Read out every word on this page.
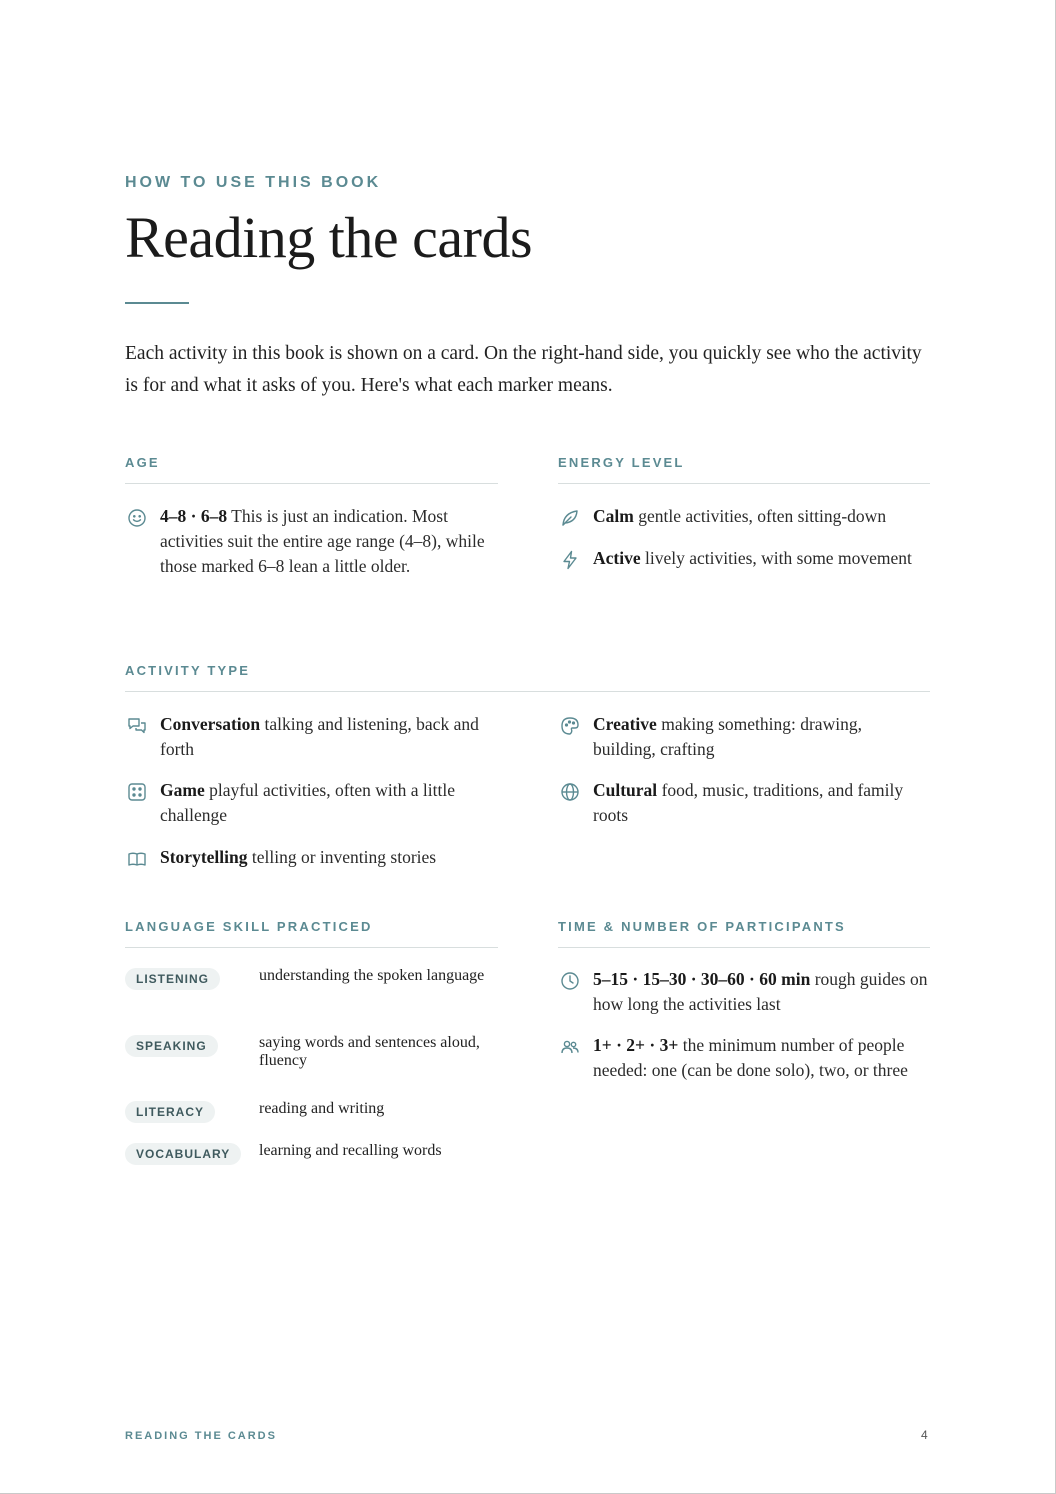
HOW TO USE THIS BOOK
Reading the cards

Each activity in this book is shown on a card. On the right-hand side, you quickly see who the activity is for and what it asks of you. Here's what each marker means.

AGE
4–8 · 6–8 This is just an indication. Most activities suit the entire age range (4–8), while those marked 6–8 lean a little older.
ENERGY LEVEL
Calm gentle activities, often sitting-down
Active lively activities, with some movement
ACTIVITY TYPE
Conversation talking and listening, back and forth
Game playful activities, often with a little challenge
Storytelling telling or inventing stories
Creative making something: drawing, building, crafting
Cultural food, music, traditions, and family roots
LANGUAGE SKILL PRACTICED
LISTENING	understanding the spoken language
SPEAKING	saying words and sentences aloud, fluency
LITERACY	reading and writing
VOCABULARY	learning and recalling words
TIME & NUMBER OF PARTICIPANTS
5–15 · 15–30 · 30–60 · 60 min rough guides on how long the activities last
1+ · 2+ · 3+ the minimum number of people needed: one (can be done solo), two, or three
READING THE CARDS	4
